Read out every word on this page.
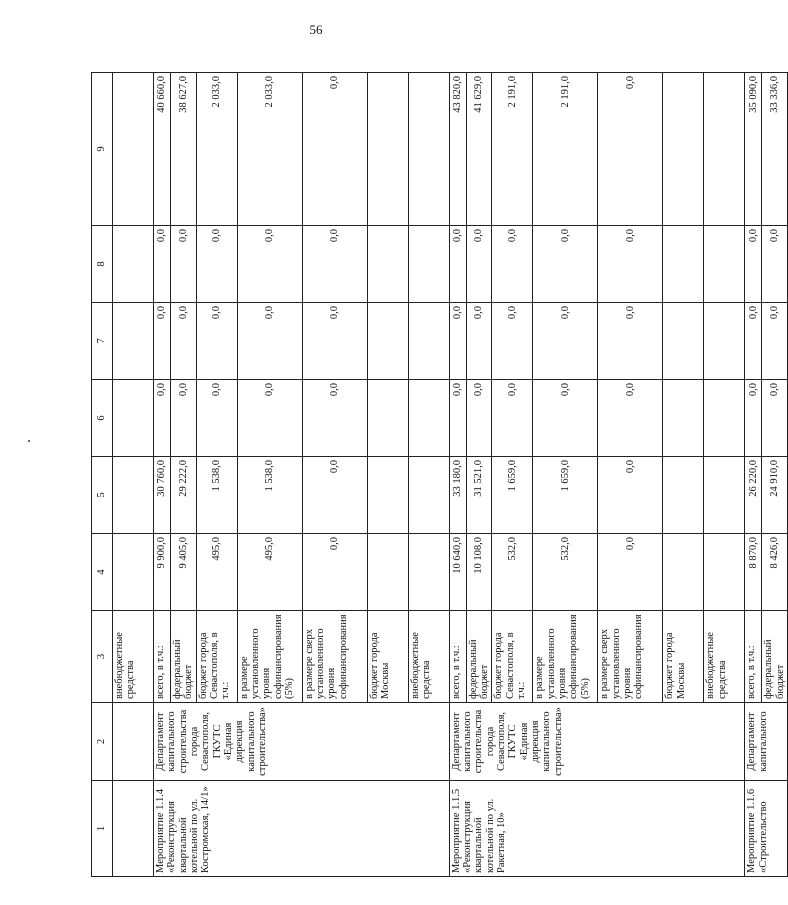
56
1	2	3	4	5	6	7	8	9
		внебюджетные средства						
Мероприятие 1.1.4 «Реконструкция квартальной котельной по ул. Костромская, 14/1»	Департамент капитального строительства города Севастополя, ГКУТС «Единая дирекция капитального строительства»	всего, в т.ч.:	9 900,0	30 760,0	0,0	0,0	0,0	40 660,0
		федеральный бюджет	9 405,0	29 222,0	0,0	0,0	0,0	38 627,0
		бюджет города Севастополя, в т.ч.:	495,0	1 538,0	0,0	0,0	0,0	2 033,0
		в размере установленного уровня софинансирования (5%)	495,0	1 538,0	0,0	0,0	0,0	2 033,0
		в размере сверх установленного уровня софинансирования	0,0	0,0	0,0	0,0	0,0	0,0
		бюджет города Москвы						
		внебюджетные средства						
Мероприятие 1.1.5 «Реконструкция квартальной котельной по ул. Ракетная, 10»	Департамент капитального строительства города Севастополя, ГКУТС «Единая дирекция капитального строительства»	всего, в т.ч.:	10 640,0	33 180,0	0,0	0,0	0,0	43 820,0
		федеральный бюджет	10 108,0	31 521,0	0,0	0,0	0,0	41 629,0
		бюджет города Севастополя, в т.ч.:	532,0	1 659,0	0,0	0,0	0,0	2 191,0
		в размере установленного уровня софинансирования (5%)	532,0	1 659,0	0,0	0,0	0,0	2 191,0
		в размере сверх установленного уровня софинансирования	0,0	0,0	0,0	0,0	0,0	0,0
		бюджет города Москвы						
		внебюджетные средства						
Мероприятие 1.1.6 «Строительство	Департамент капитального	всего, в т.ч.:	8 870,0	26 220,0	0,0	0,0	0,0	35 090,0
		федеральный бюджет	8 426,0	24 910,0	0,0	0,0	0,0	33 336,0
